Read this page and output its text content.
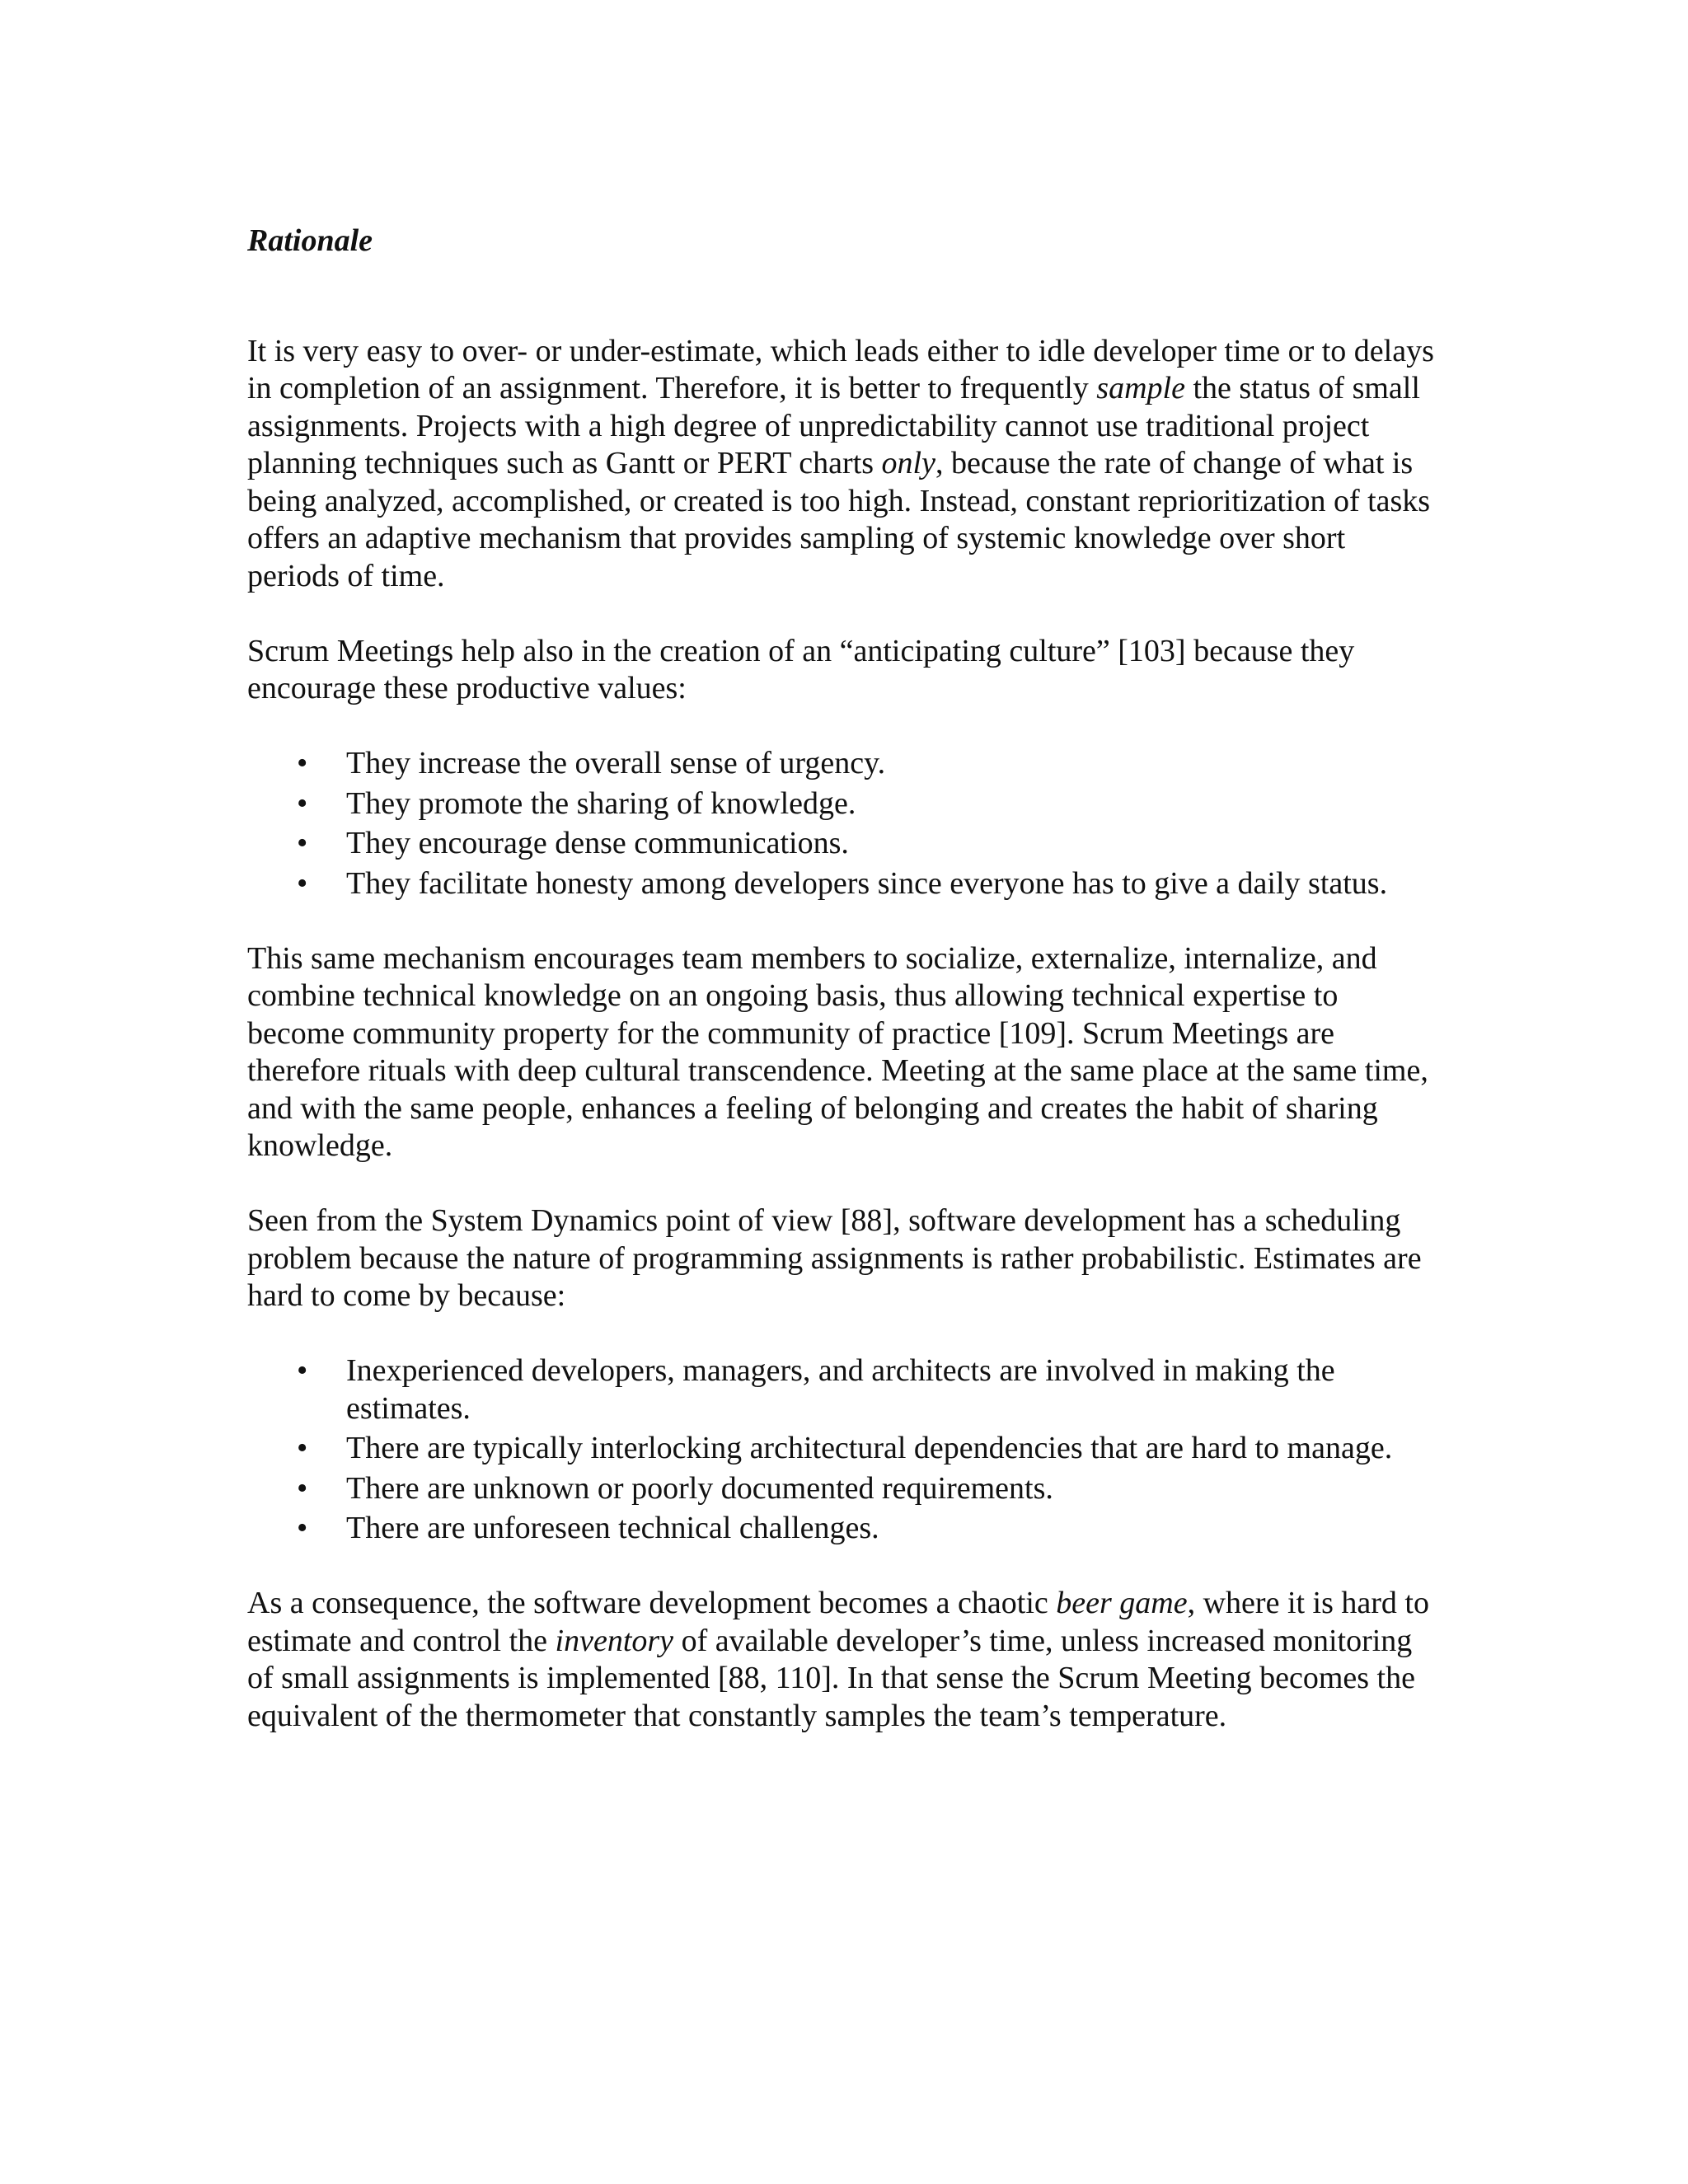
Rationale

It is very easy to over- or under-estimate, which leads either to idle developer time or to delays in completion of an assignment. Therefore, it is better to frequently sample the status of small assignments. Projects with a high degree of unpredictability cannot use traditional project planning techniques such as Gantt or PERT charts only, because the rate of change of what is being analyzed, accomplished, or created is too high. Instead, constant reprioritization of tasks offers an adaptive mechanism that provides sampling of systemic knowledge over short periods of time.

Scrum Meetings help also in the creation of an “anticipating culture” [103] because they encourage these productive values:

• They increase the overall sense of urgency.
• They promote the sharing of knowledge.
• They encourage dense communications.
• They facilitate honesty among developers since everyone has to give a daily status.

This same mechanism encourages team members to socialize, externalize, internalize, and combine technical knowledge on an ongoing basis, thus allowing technical expertise to become community property for the community of practice [109]. Scrum Meetings are therefore rituals with deep cultural transcendence. Meeting at the same place at the same time, and with the same people, enhances a feeling of belonging and creates the habit of sharing knowledge.

Seen from the System Dynamics point of view [88], software development has a scheduling problem because the nature of programming assignments is rather probabilistic. Estimates are hard to come by because:

• Inexperienced developers, managers, and architects are involved in making the estimates.
• There are typically interlocking architectural dependencies that are hard to manage.
• There are unknown or poorly documented requirements.
• There are unforeseen technical challenges.

As a consequence, the software development becomes a chaotic beer game, where it is hard to estimate and control the inventory of available developer’s time, unless increased monitoring of small assignments is implemented [88, 110]. In that sense the Scrum Meeting becomes the equivalent of the thermometer that constantly samples the team’s temperature.
